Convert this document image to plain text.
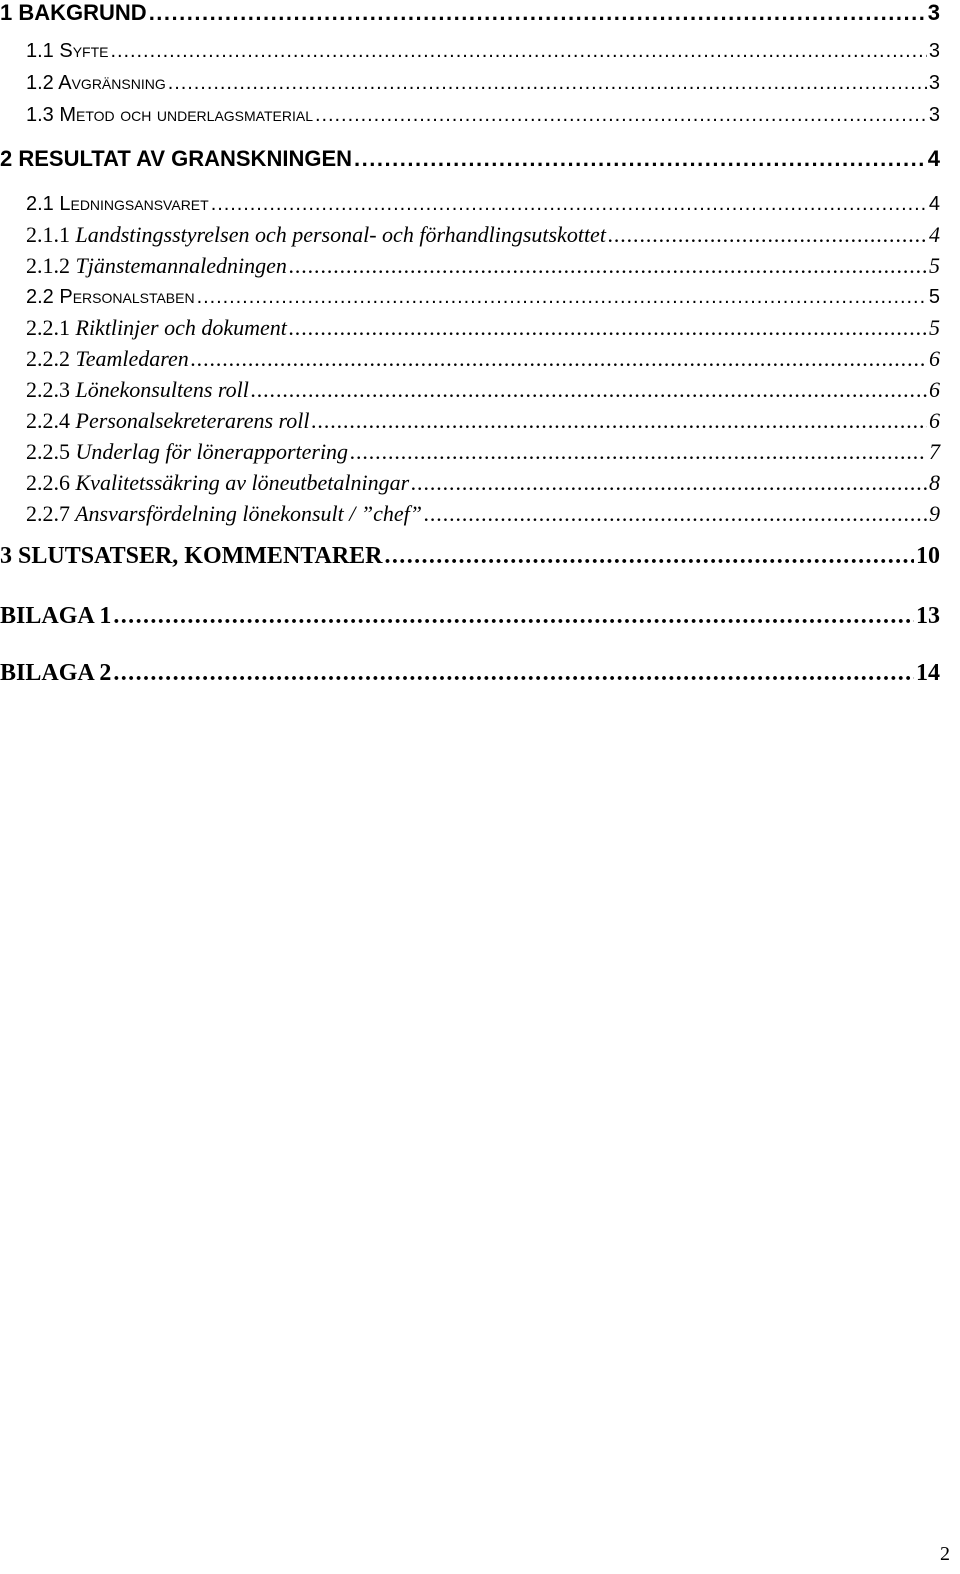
1 BAKGRUND . . .	3
1.1 Syfte . . .	3
1.2 Avgränsning . . .	3
1.3 Metod och underlagsmaterial . . .	3
2 RESULTAT AV GRANSKNINGEN . . .	4
2.1 Ledningsansvaret . . .	4
2.1.1 Landstingsstyrelsen och personal- och förhandlingsutskottet . . .	4
2.1.2 Tjänstemannaledningen . . .	5
2.2 Personalstaben . . .	5
2.2.1 Riktlinjer och dokument . . .	5
2.2.2 Teamledaren . . .	6
2.2.3 Lönekonsultens roll . . .	6
2.2.4 Personalsekreterarens roll . . .	6
2.2.5 Underlag för lönerapportering . . .	7
2.2.6 Kvalitetssäkring av löneutbetalningar . . .	8
2.2.7 Ansvarsfördelning lönekonsult / ”chef” . . .	9
3 SLUTSATSER, KOMMENTARER . . .	10
BILAGA 1 . . .	13
BILAGA 2 . . .	14
2
